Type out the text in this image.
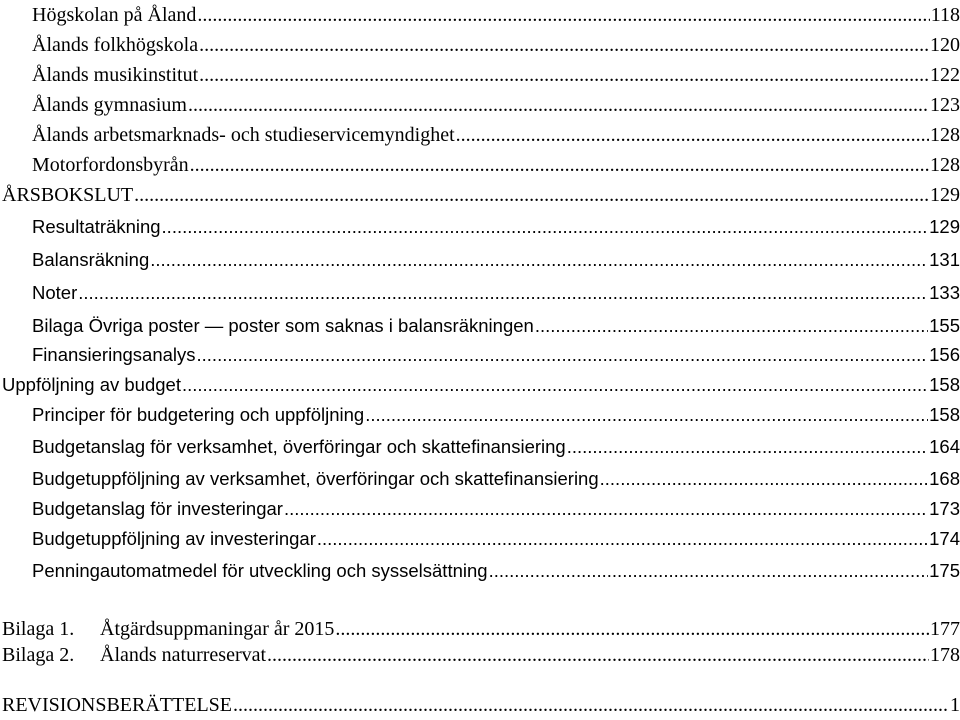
Högskolan på Åland .....	118
Ålands folkhögskola .....	120
Ålands musikinstitut .....	122
Ålands gymnasium .....	123
Ålands arbetsmarknads- och studieservicemyndighet .....	128
Motorfordonsbyrån .....	128
ÅRSBOKSLUT .....	129
Resultaträkning .....	129
Balansräkning .....	131
Noter .....	133
Bilaga Övriga poster — poster som saknas i balansräkningen .....	155
Finansieringsanalys .....	156
Uppföljning av budget .....	158
Principer för budgetering och uppföljning .....	158
Budgetanslag för verksamhet, överföringar och skattefinansiering .....	164
Budgetuppföljning av verksamhet, överföringar och skattefinansiering .....	168
Budgetanslag för investeringar .....	173
Budgetuppföljning av investeringar .....	174
Penningautomatmedel för utveckling och sysselsättning .....	175
Bilaga 1. Åtgärdsuppmaningar år 2015 .....	177
Bilaga 2. Ålands naturreservat .....	178
REVISIONSBERÄTTELSE .....	1
